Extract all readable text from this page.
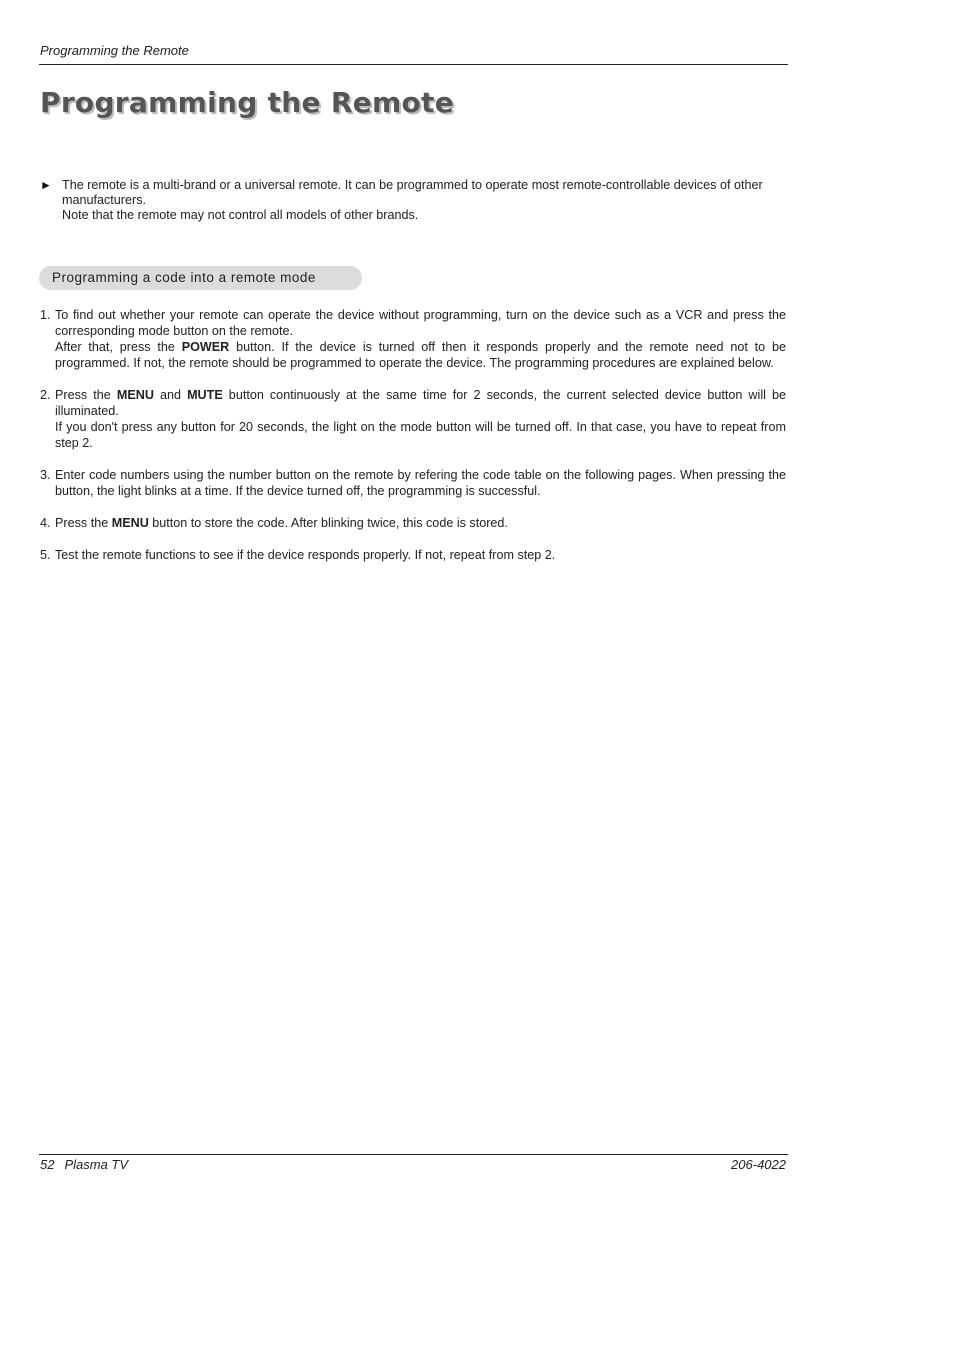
Programming the Remote
Programming the Remote
► The remote is a multi-brand or a universal remote. It can be programmed to operate most remote-controllable devices of other manufacturers.

Note that the remote may not control all models of other brands.

Programming a code into a remote mode
1. To find out whether your remote can operate the device without programming, turn on the device such as a VCR and press the corresponding mode button on the remote.

After that, press the POWER button. If the device is turned off then it responds properly and the remote need not to be programmed. If not, the remote should be programmed to operate the device. The programming procedures are explained below.

2. Press the MENU and MUTE button continuously at the same time for 2 seconds, the current selected device button will be illuminated.

If you don't press any button for 20 seconds, the light on the mode button will be turned off. In that case, you have to repeat from step 2.

3. Enter code numbers using the number button on the remote by refering the code table on the following pages. When pressing the button, the light blinks at a time. If the device turned off, the programming is successful.

4. Press the MENU button to store the code. After blinking twice, this code is stored.

5. Test the remote functions to see if the device responds properly. If not, repeat from step 2.

52 Plasma TV	206-4022
